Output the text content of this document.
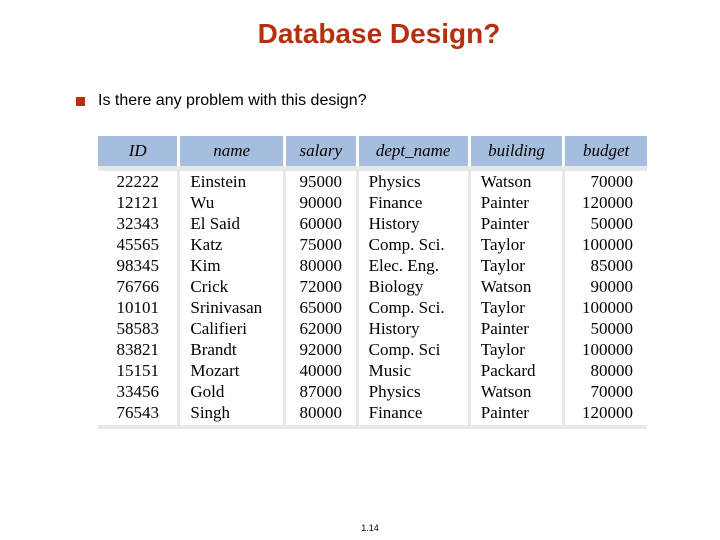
Database Design?
Is there any problem with this design?
ID	name	salary	dept_name	building	budget

22222	Einstein	95000	Physics	Watson	70000
12121	Wu	90000	Finance	Painter	120000
32343	El Said	60000	History	Painter	50000
45565	Katz	75000	Comp. Sci.	Taylor	100000
98345	Kim	80000	Elec. Eng.	Taylor	85000
76766	Crick	72000	Biology	Watson	90000
10101	Srinivasan	65000	Comp. Sci.	Taylor	100000
58583	Califieri	62000	History	Painter	50000
83821	Brandt	92000	Comp. Sci	Taylor	100000
15151	Mozart	40000	Music	Packard	80000
33456	Gold	87000	Physics	Watson	70000
76543	Singh	80000	Finance	Painter	120000
1.14
